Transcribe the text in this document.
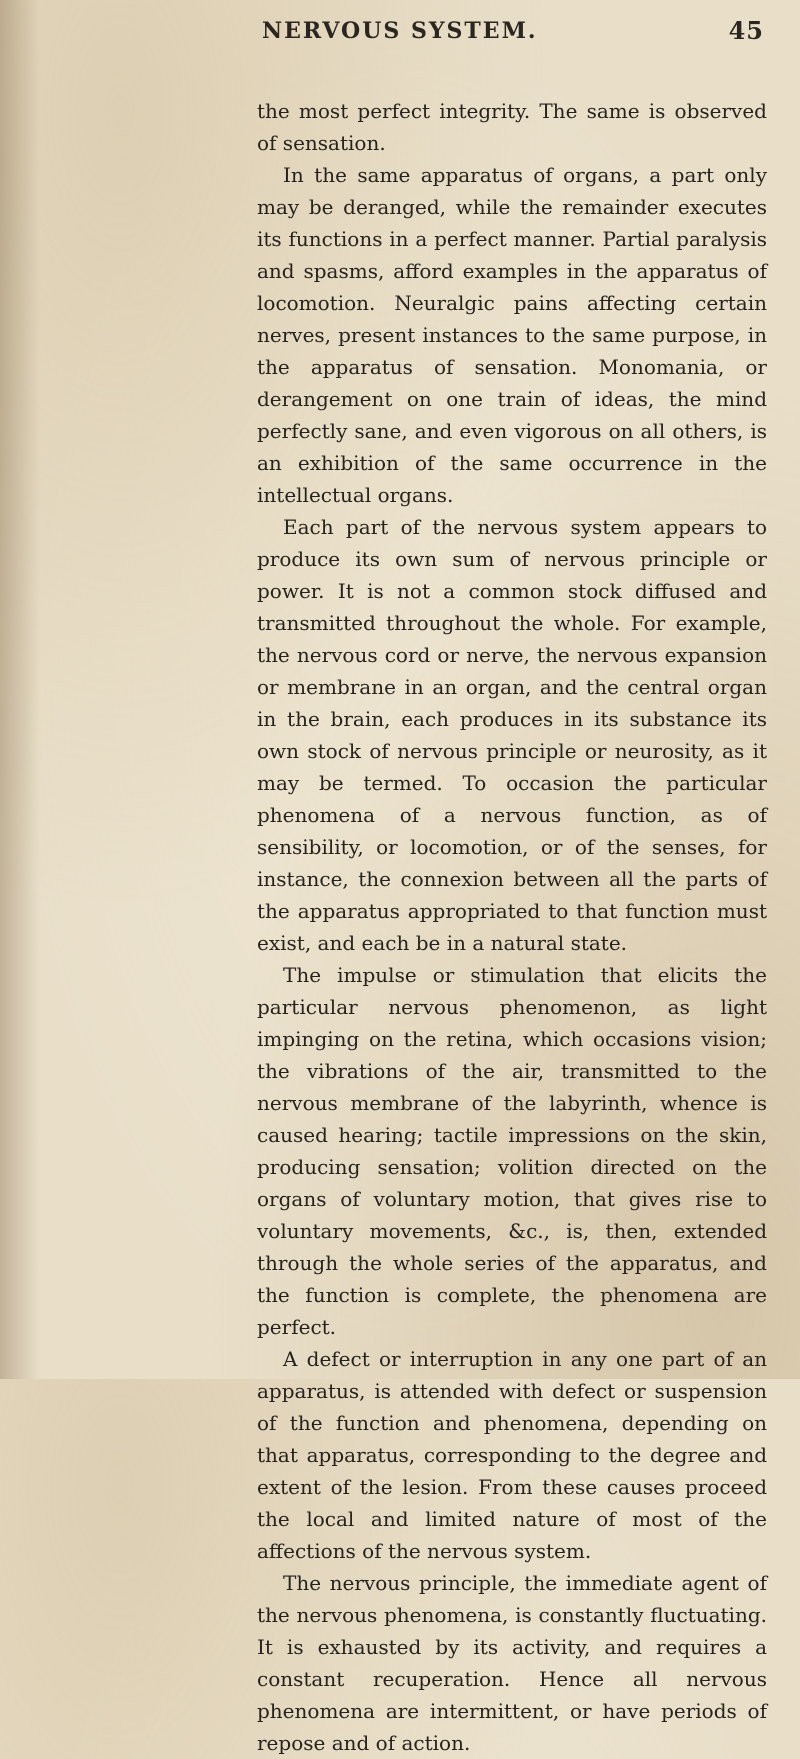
NERVOUS SYSTEM.	45

the most perfect integrity. The same is observed of sensation.

In the same apparatus of organs, a part only may be deranged, while the remainder executes its functions in a perfect manner. Partial paralysis and spasms, afford examples in the apparatus of locomotion. Neuralgic pains affecting certain nerves, present instances to the same purpose, in the apparatus of sensation. Monomania, or derangement on one train of ideas, the mind perfectly sane, and even vigorous on all others, is an exhibition of the same occurrence in the intellectual organs.

Each part of the nervous system appears to produce its own sum of nervous principle or power. It is not a common stock diffused and transmitted throughout the whole. For example, the nervous cord or nerve, the nervous expansion or membrane in an organ, and the central organ in the brain, each produces in its substance its own stock of nervous principle or neurosity, as it may be termed. To occasion the particular phenomena of a nervous function, as of sensibility, or locomotion, or of the senses, for instance, the connexion between all the parts of the apparatus appropriated to that function must exist, and each be in a natural state.

The impulse or stimulation that elicits the particular nervous phenomenon, as light impinging on the retina, which occasions vision; the vibrations of the air, transmitted to the nervous membrane of the labyrinth, whence is caused hearing; tactile impressions on the skin, producing sensation; volition directed on the organs of voluntary motion, that gives rise to voluntary movements, &c., is, then, extended through the whole series of the apparatus, and the function is complete, the phenomena are perfect.

A defect or interruption in any one part of an apparatus, is attended with defect or suspension of the function and phenomena, depending on that apparatus, corresponding to the degree and extent of the lesion. From these causes proceed the local and limited nature of most of the affections of the nervous system.

The nervous principle, the immediate agent of the nervous phenomena, is constantly fluctuating. It is exhausted by its activity, and requires a constant recuperation. Hence all nervous phenomena are intermittent, or have periods of repose and of action.
